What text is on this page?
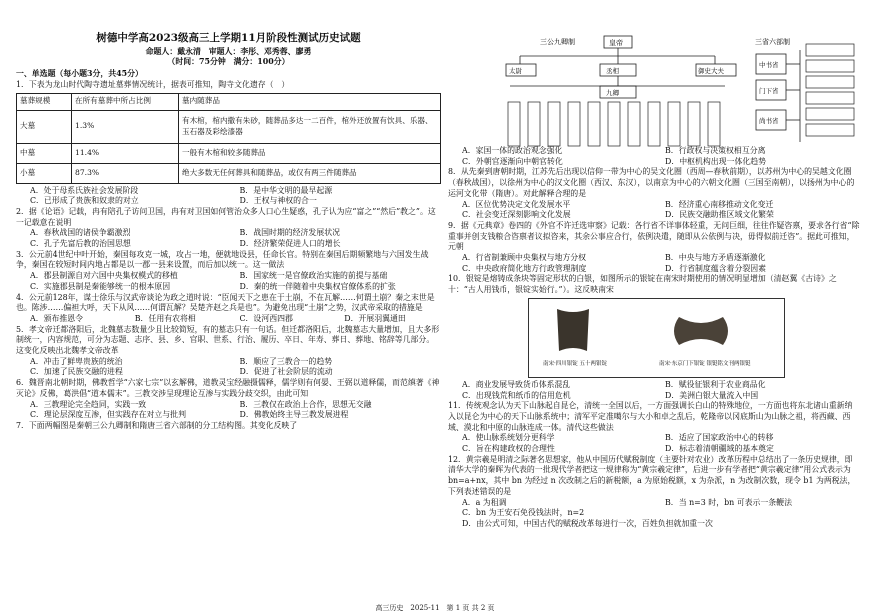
树德中学高2023级高三上学期11月阶段性测试历史试题
命题人：戴永清　审题人：李彤、邓秀蓉、廖勇
（时间：75分钟　满分：100分）
一、单选题（每小题3分，共45分）
1．下表为龙山时代陶寺遗址墓葬情况统计，据表可推知，陶寺文化遗存（　）
墓葬规模	在所有墓葬中所占比例	墓内随葬品
大墓	1.3%	有木棺，棺内撒有朱砂，随葬品多达一二百件，棺外还放置有饮具、乐器、玉石器及彩绘漆器
中墓	11.4%	一般有木棺和较多随葬品
小墓	87.3%	绝大多数无任何葬具和随葬品，或仅有两三件随葬品
A．处于母系氏族社会发展阶段	B．是中华文明的最早起源
C．已形成了贵族和奴隶的对立	D．王权与神权的合一
2．据《论语》记载，冉有陪孔子访问卫国，冉有对卫国如何管治众多人口心生疑惑，孔子认为应“富之”“然后”教之”。这一记载意在说明
A．春秋战国的诸侯争霸激烈	B．战国时期的经济发展状况
C．孔子先富后教的治国思想	D．经济繁荣促进人口的增长
3．公元前4世纪中叶开始，秦国每攻克一城，攻占一地，便就地设县，任命长官。特别在秦国后期频繁地与六国发生战争，秦国在较短时间内地占都是以一郡一县来设置，而后加以统一。这一做法
A．郡县制源自对六国中央集权模式的移植	B．国家统一是官僚政治实施的前提与基础
C．实施郡县制是秦能够统一的根本原因	D．秦的统一伴随着中央集权官僚体系的扩张
4．公元前128年，谋士徐乐与汉武帝谈论为政之道时说：“臣闻天下之患在于土崩，不在瓦解……何谓土崩？秦之末世是也。陈涉……偏袒大呼，天下从风……何谓瓦解？吴楚齐赵之兵是也”。为避免出现“土崩”之势，汉武帝采取的措施是
A．颁布推恩令	B．任用有农将相	C．设河西四郡	D．开展羽翼通田
5．孝文帝迁都洛阳后，北魏墓志数量少且比较简短，有的墓志只有一句话。但迁都洛阳后，北魏墓志大量增加，且大多形制统一，内容规范，可分为志题、志序、县、乡、官职、世系、行治、履历、卒日、年寿、葬日、葬地、铭辞等几部分。这变化反映出北魏孝文帝改革
A．冲击了鲜卑贵族的统治	B．顺应了三教合一的趋势
C．加速了民族交融的进程	D．促进了社会阶层的流动
6．魏晋南北朝时期，佛教哲学“六家七宗”以玄解佛，道教灵宝经融摄儒释，儒学则有何晏、王弼以道释儒，而范缜著《神灭论》反佛，葛洪倡“道本儒末”。三教交涉呈现理论互渗与实践分歧交织，由此可知
A．三教理论完全趋同，实践一致	B．三教仅在政治上合作，思想无交融
C．理论层深度互渗，但实践存在对立与批判	D．佛教始终主导三教发展进程
7．下面两幅图是秦朝三公九卿制和隋唐三省六部制的分工结构图。其变化反映了
三公九卿制	皇帝
太尉	丞相	御史大夫
九卿
三省六部制
中书省
门下省
尚书省
A．家国一体的政治观念强化	B．行政权与决策权相互分离
C．外朝官逐渐向中朝官转化	D．中枢机构出现一体化趋势
8．从先秦到唐朝时期，江苏先后出现以信仰一带为中心的吴文化圈（西周—春秋前期），以苏州为中心的吴越文化圈（春秋战国），以徐州为中心的汉文化圈（西汉、东汉），以南京为中心的六朝文化圈（三国至南朝），以扬州为中心的运河文化带（隋唐）。对此解释合理的是
A．区位优势决定文化发展水平	B．经济重心南移推动文化变迁
C．社会变迁深刻影响文化发展	D．民族交融助推区域文化繁荣
9．据《元典章》卷四的《外官不许迁选审察》记载：各行省不详事体轻重，无问巨细，往往作疑咨禀，要求各行省“除重事并创支钱粮合咨禀者议拟咨来，其余公事应合行，依例决遣，随即从公依例与决，毋得似前迁咨”。据此可推知，元朝
A．行省制兼顾中央集权与地方分权	B．中央与地方矛盾逐渐激化
C．中央政府简化地方行政管理制度	D．行省制度蕴含着分裂因素
10．银锭是熔铸成条块等固定形状的白银，如图所示的银锭在南宋时期使用的情况明显增加（清赵翼《古诗》之十：“古人用钱币，银锭实始行。”）。这反映南宋
南宋·四川银锭 五十两银锭	南宋·东京门下银锭 银铤铭文刊两银铤
A．商业发展导致货币体系混乱	B．赋役征银利于农业商品化
C．出现钱荒和纸币的信用危机	D．美洲白银大量流入中国
11．传统观念认为天下山脉起自昆仑，清统一全国以后，一方面强调长白山的特殊地位，一方面也将东北诸山重新纳入以昆仑为中心的天下山脉系统中；清军平定准噶尔与大小和卓之乱后，乾隆帝以冈底斯山为山脉之祖，将西藏、西域、漠北和中原的山脉连成一体。清代这些做法
A．使山脉系统划分更科学	B．适应了国家政治中心的转移
C．旨在构建政权的合理性	D．标志着清朝疆域的基本奠定
12．黄宗羲是明清之际著名思想家，他从中国历代赋税制度（主要针对农业）改革历程中总结出了一条历史规律，即清华大学的秦晖为代表的一批现代学者把这一规律称为“黄宗羲定律”，后进一步有学者把“黄宗羲定律”用公式表示为 bn=a+nx，其中 bn 为经过 n 次改制之后的新税额，a 为原始税额，x 为杂派，n 为改制次数，现令 b1 为两税法，下列表述错误的是
A．a 为租调	B．当 n=3 时，bn 可表示一条鞭法
C．bn 为王安石免役钱法时，n=2
D．由公式可知，中国古代的赋税改革每进行一次，百姓负担就加重一次
高三历史　2025-11　第 1 页 共 2 页
